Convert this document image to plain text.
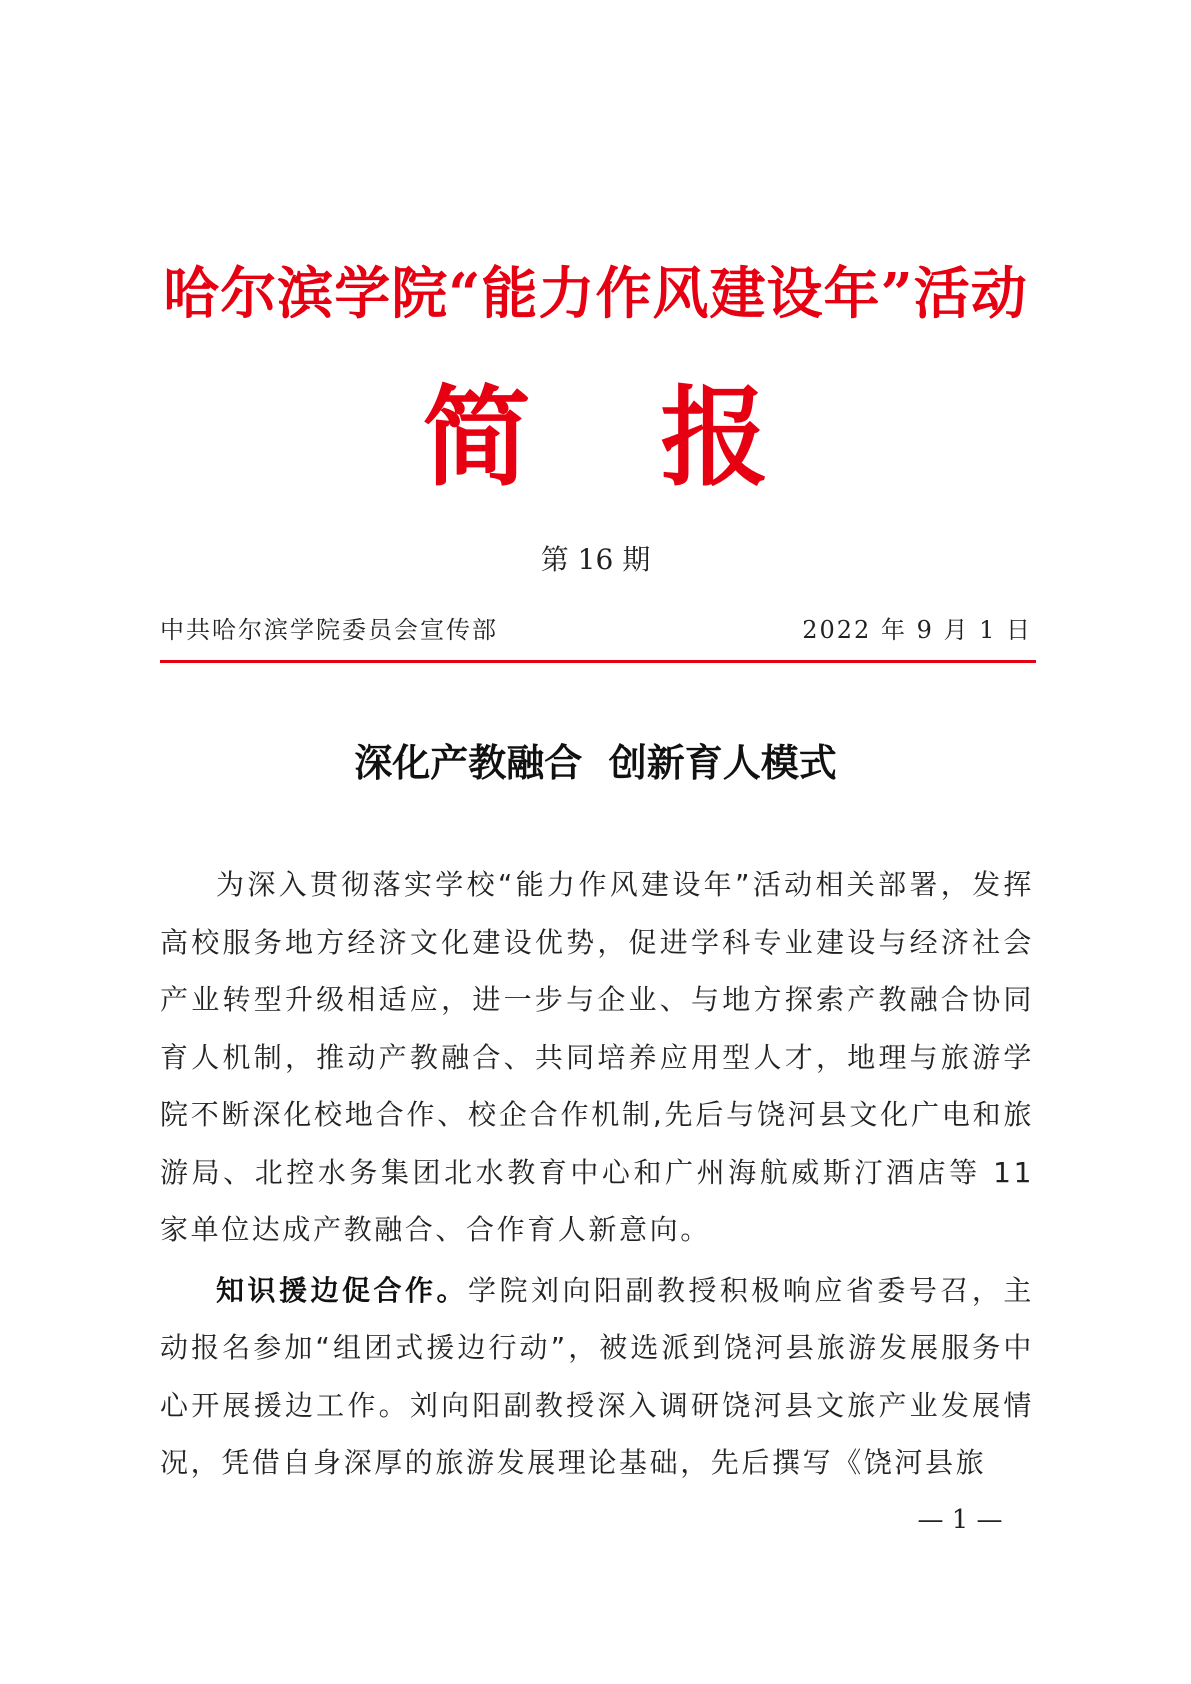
哈尔滨学院“能力作风建设年”活动
简报
第 16 期
中共哈尔滨学院委员会宣传部	2022 年 9 月 1 日
深化产教融合  创新育人模式

为深入贯彻落实学校“能力作风建设年”活动相关部署，发挥高校服务地方经济文化建设优势，促进学科专业建设与经济社会产业转型升级相适应，进一步与企业、与地方探索产教融合协同育人机制，推动产教融合、共同培养应用型人才，地理与旅游学院不断深化校地合作、校企合作机制,先后与饶河县文化广电和旅游局、北控水务集团北水教育中心和广州海航威斯汀酒店等 11 家单位达成产教融合、合作育人新意向。

知识援边促合作。学院刘向阳副教授积极响应省委号召，主动报名参加“组团式援边行动”，被选派到饶河县旅游发展服务中心开展援边工作。刘向阳副教授深入调研饶河县文旅产业发展情况，凭借自身深厚的旅游发展理论基础，先后撰写《饶河县旅

— 1 —
